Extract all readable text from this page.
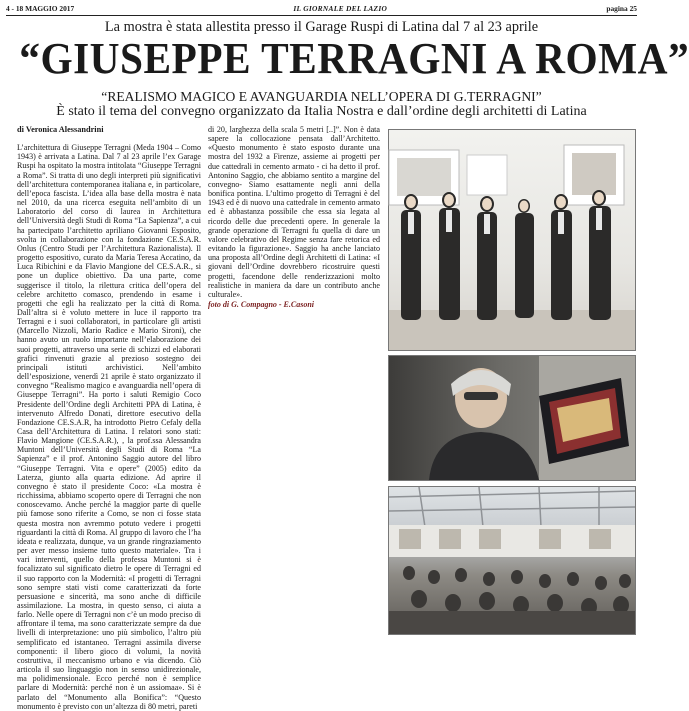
4 - 18 MAGGIO 2017	IL GIORNALE DEL LAZIO	pagina 25
La mostra è stata allestita presso il Garage Ruspi di Latina dal 7 al 23 aprile
“GIUSEPPE TERRAGNI A ROMA”
“REALISMO MAGICO E AVANGUARDIA NELL’OPERA DI G.TERRAGNI”
È stato il tema del convegno organizzato da Italia Nostra e dall’ordine degli architetti di Latina

di Veronica Alessandrini

L’architettura di Giuseppe Terragni (Meda 1904 – Como 1943) è arrivata a Latina. Dal 7 al 23 aprile l’ex Garage Ruspi ha ospitato la mostra intitolata “Giuseppe Terragni a Roma”. Si tratta di uno degli interpreti più significativi dell’architettura contemporanea italiana e, in particolare, dell’epoca fascista. L’idea alla base della mostra è nata nel 2010, da una ricerca eseguita nell’ambito di un Laboratorio del corso di laurea in Architettura dell’Università degli Studi di Roma “La Sapienza”, a cui ha partecipato l’architetto apriliano Giovanni Esposito, svolta in collaborazione con la fondazione CE.S.A.R. Onlus (Centro Studi per l’Architettura Razionalista). Il progetto espositivo, curato da Maria Teresa Accatino, da Luca Ribichini e da Flavio Mangione del CE.S.A.R., si pone un duplice obiettivo. Da una parte, come suggerisce il titolo, la rilettura critica dell’opera del celebre architetto comasco, prendendo in esame i progetti che egli ha realizzato per la città di Roma. Dall’altra si è voluto mettere in luce il rapporto tra Terragni e i suoi collaboratori, in particolare gli artisti (Marcello Nizzoli, Mario Radice e Mario Sironi), che hanno avuto un ruolo importante nell’elaborazione dei suoi progetti, attraverso una serie di schizzi ed elaborati grafici rinvenuti grazie al prezioso sostegno dei principali istituti archivistici. Nell’ambito dell’esposizione, venerdì 21 aprile è stato organizzato il convegno “Realismo magico e avanguardia nell’opera di Giuseppe Terragni”. Ha porto i saluti Remigio Coco Presidente dell’Ordine degli Architetti PPA di Latina, è intervenuto Alfredo Donati, direttore esecutivo della Fondazione CE.S.A.R, ha introdotto Pietro Cefaly della Casa dell’Architettura di Latina. I relatori sono stati: Flavio Mangione (CE.S.A.R.), , la prof.ssa Alessandra Muntoni dell’Università degli Studi di Roma “La Sapienza” e il prof. Antonino Saggio autore del libro “Giuseppe Terragni. Vita e opere” (2005) edito da Laterza, giunto alla quarta edizione. Ad aprire il convegno è stato il presidente Coco: «La mostra è ricchissima, abbiamo scoperto opere di Terragni che non conoscevamo. Anche perché la maggior parte di quelle più famose sono riferite a Como, se non ci fosse stata questa mostra non avremmo potuto vedere i progetti riguardanti la città di Roma. Al gruppo di lavoro che l’ha ideata e realizzata, dunque, va un grande ringraziamento per aver messo insieme tutto questo materiale». Tra i vari interventi, quello della professa Muntoni si è focalizzato sul significato dietro le opere di Terragni ed il suo rapporto con la Modernità: «I progetti di Terragni sono sempre stati visti come caratterizzati da forte persuasione e sincerità, ma sono anche di difficile assimilazione. La mostra, in questo senso, ci aiuta a farlo. Nelle opere di Terragni non c’è un modo preciso di affrontare il tema, ma sono caratterizzate sempre da due livelli di interpretazione: uno più simbolico, l’altro più semplificato ed istantaneo. Terragni assimila diverse componenti: il libero gioco di volumi, la novità costruttiva, il meccanismo urbano e via dicendo. Ciò articola il suo linguaggio non in senso unidirezionale, ma polidimensionale. Ecco perché non è semplice parlare di Modernità: perché non è un assiomaa». Si è parlato del “Monumento alla Bonifica”: “Questo monumento è previsto con un’altezza di 80 metri, pareti

di 20, larghezza della scala 5 metri [..]”. Non è data sapere la collocazione pensata dall’Architetto. «Questo monumento è stato esposto durante una mostra del 1932 a Firenze, assieme ai progetti per due cattedrali in cemento armato - ci ha detto il prof. Antonino Saggio, che abbiamo sentito a margine del convegno- Siamo esattamente negli anni della bonifica pontina. L’ultimo progetto di Terragni è del 1943 ed è di nuovo una cattedrale in cemento armato ed è abbastanza possibile che essa sia legata al ricordo delle due precedenti opere. In generale la grande operazione di Terragni fu quella di dare un valore celebrativo del Regime senza fare retorica ed evitando la figurazione». Saggio ha anche lanciato una proposta all’Ordine degli Architetti di Latina: «I giovani dell’Ordine dovrebbero ricostruire questi progetti, facendone delle renderizzazioni molto realistiche in maniera da dare un contributo anche culturale».

foto di G. Compagno - E.Casoni
